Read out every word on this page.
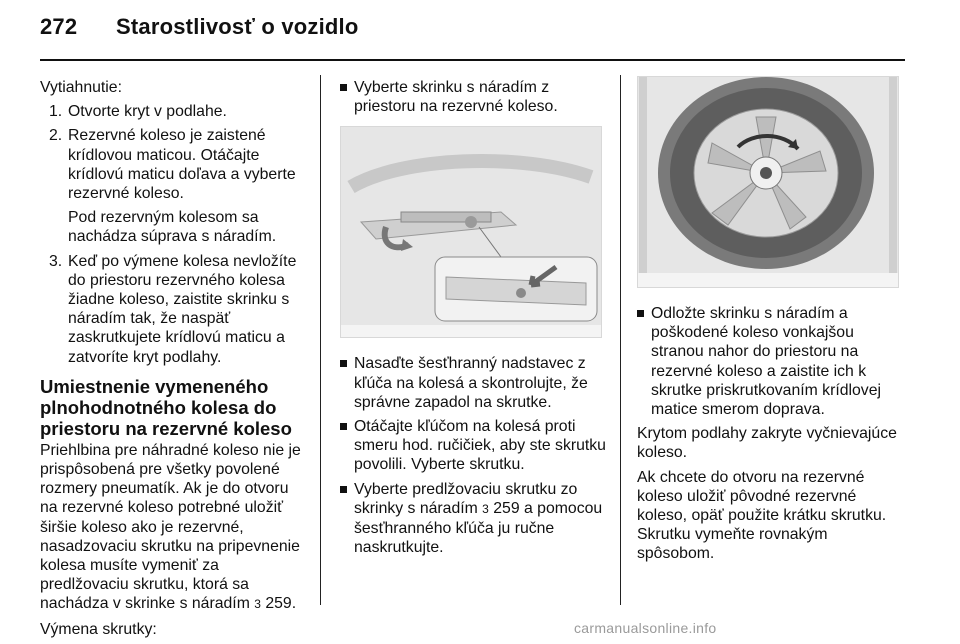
272 Starostlivosť o vozidlo

Vytiahnutie:

1. Otvorte kryt v podlahe.
2. Rezervné koleso je zaistené krídlovou maticou. Otáčajte krídlovú maticu doľava a vyberte rezervné koleso.

Pod rezervným kolesom sa nachádza súprava s náradím.

3. Keď po výmene kolesa nevložíte do priestoru rezervného kolesa žiadne koleso, zaistite skrinku s náradím tak, že naspäť zaskrutkujete krídlovú maticu a zatvoríte kryt podlahy.
Umiestnenie vymeneného plnohodnotného kolesa do priestoru na rezervné koleso

Priehlbina pre náhradné koleso nie je prispôsobená pre všetky povolené rozmery pneumatík. Ak je do otvoru na rezervné koleso potrebné uložiť širšie koleso ako je rezervné, nasadzovaciu skrutku na pripevnenie kolesa musíte vymeniť za predlžovaciu skrutku, ktorá sa nachádza v skrinke s náradím 3 259.

Výmena skrutky:

Vyberte skrinku s náradím z priestoru na rezervné koleso.
Nasaďte šesťhranný nadstavec z kľúča na kolesá a skontrolujte, že správne zapadol na skrutke.
Otáčajte kľúčom na kolesá proti smeru hod. ručičiek, aby ste skrutku povolili. Vyberte skrutku.
Vyberte predlžovaciu skrutku zo skrinky s náradím 3 259 a pomocou šesťhranného kľúča ju ručne naskrutkujte.
Odložte skrinku s náradím a poškodené koleso vonkajšou stranou nahor do priestoru na rezervné koleso a zaistite ich k skrutke priskrutkovaním krídlovej matice smerom doprava.

Krytom podlahy zakryte vyčnievajúce koleso.

Ak chcete do otvoru na rezervné koleso uložiť pôvodné rezervné koleso, opäť použite krátku skrutku. Skrutku vymeňte rovnakým spôsobom.

carmanualsonline.info
